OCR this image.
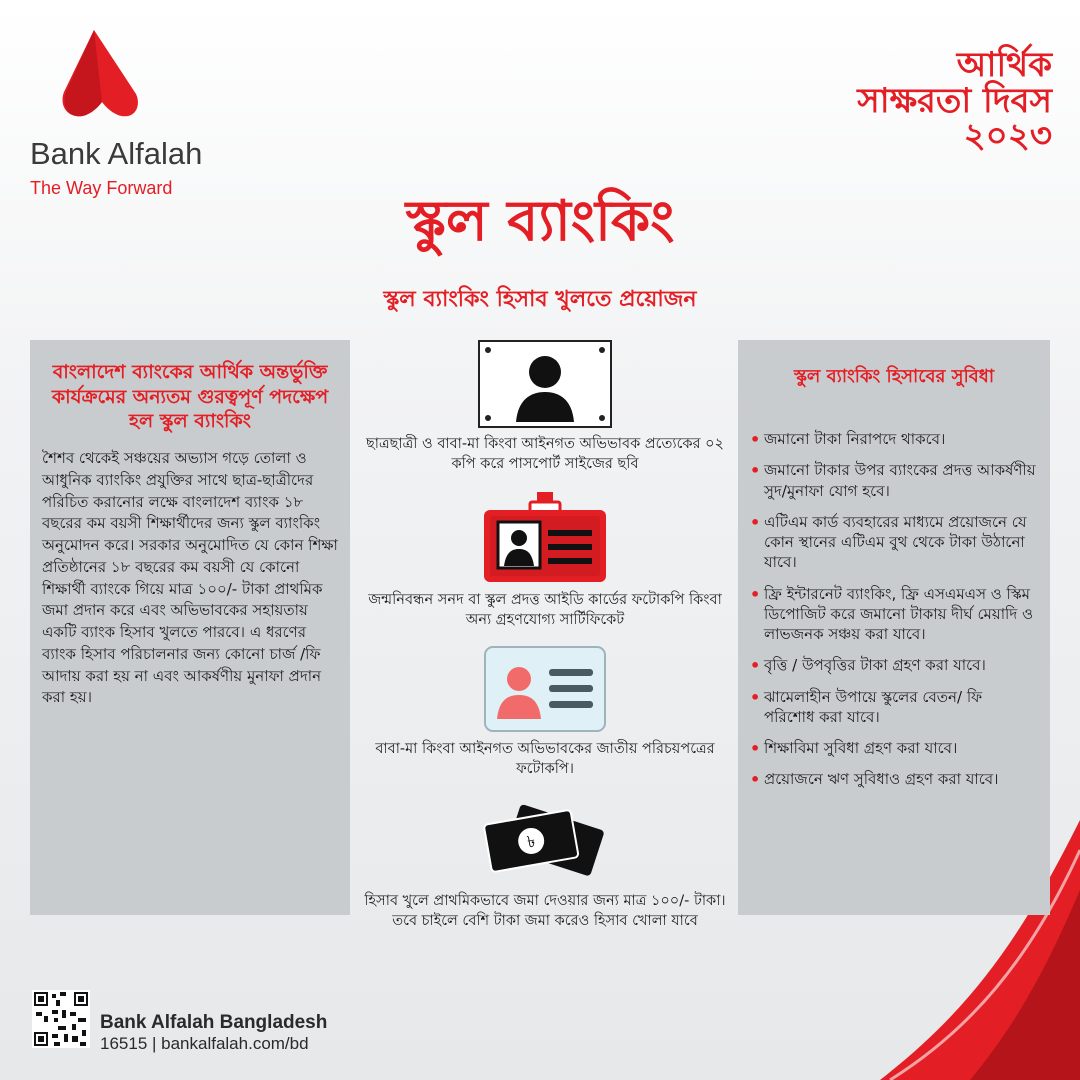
Bank Alfalah
The Way Forward
আর্থিক
সাক্ষরতা দিবস
২০২৩
স্কুল ব্যাংকিং
স্কুল ব্যাংকিং হিসাব খুলতে প্রয়োজন
বাংলাদেশ ব্যাংকের আর্থিক অন্তর্ভুক্তি কার্যক্রমের অন্যতম গুরত্বপূর্ণ পদক্ষেপ হল স্কুল ব্যাংকিং
শৈশব থেকেই সঞ্চয়ের অভ্যাস গড়ে তোলা ও আধুনিক ব্যাংকিং প্রযুক্তির সাথে ছাত্র-ছাত্রীদের পরিচিত করানোর লক্ষে বাংলাদেশ ব্যাংক ১৮ বছরের কম বয়সী শিক্ষার্থীদের জন্য স্কুল ব্যাংকিং অনুমোদন করে। সরকার অনুমোদিত যে কোন শিক্ষা প্রতিষ্ঠানের ১৮ বছরের কম বয়সী যে কোনো শিক্ষার্থী ব্যাংকে গিয়ে মাত্র ১০০/- টাকা প্রাথমিক জমা প্রদান করে এবং অভিভাবকের সহায়তায় একটি ব্যাংক হিসাব খুলতে পারবে। এ ধরণের ব্যাংক হিসাব পরিচালনার জন্য কোনো চার্জ /ফি আদায় করা হয় না এবং আকর্ষণীয় মুনাফা প্রদান করা হয়।
ছাত্রছাত্রী ও বাবা-মা কিংবা আইনগত অভিভাবক প্রত্যেকের ০২ কপি করে পাসপোর্ট সাইজের ছবি
জন্মনিবন্ধন সনদ বা স্কুল প্রদত্ত আইডি কার্ডের ফটোকপি কিংবা অন্য গ্রহণযোগ্য সার্টিফিকেট
বাবা-মা কিংবা আইনগত অভিভাবকের জাতীয় পরিচয়পত্রের ফটোকপি।
৳
হিসাব খুলে প্রাথমিকভাবে জমা দেওয়ার জন্য মাত্র ১০০/- টাকা। তবে চাইলে বেশি টাকা জমা করেও হিসাব খোলা যাবে
স্কুল ব্যাংকিং হিসাবের সুবিধা
• জমানো টাকা নিরাপদে থাকবে।
• জমানো টাকার উপর ব্যাংকের প্রদত্ত আকর্ষণীয় সুদ/মুনাফা যোগ হবে।
• এটিএম কার্ড ব্যবহারের মাধ্যমে প্রয়োজনে যে কোন স্থানের এটিএম বুথ থেকে টাকা উঠানো যাবে।
• ফ্রি ইন্টারনেট ব্যাংকিং, ফ্রি এসএমএস ও স্কিম ডিপোজিট করে জমানো টাকায় দীর্ঘ মেয়াদি ও লাভজনক সঞ্চয় করা যাবে।
• বৃত্তি / উপবৃত্তির টাকা গ্রহণ করা যাবে।
• ঝামেলাহীন উপায়ে স্কুলের বেতন/ ফি পরিশোধ করা যাবে।
• শিক্ষাবিমা সুবিধা গ্রহণ করা যাবে।
• প্রয়োজনে ঋণ সুবিধাও গ্রহণ করা যাবে।
Bank Alfalah Bangladesh
16515 | bankalfalah.com/bd
